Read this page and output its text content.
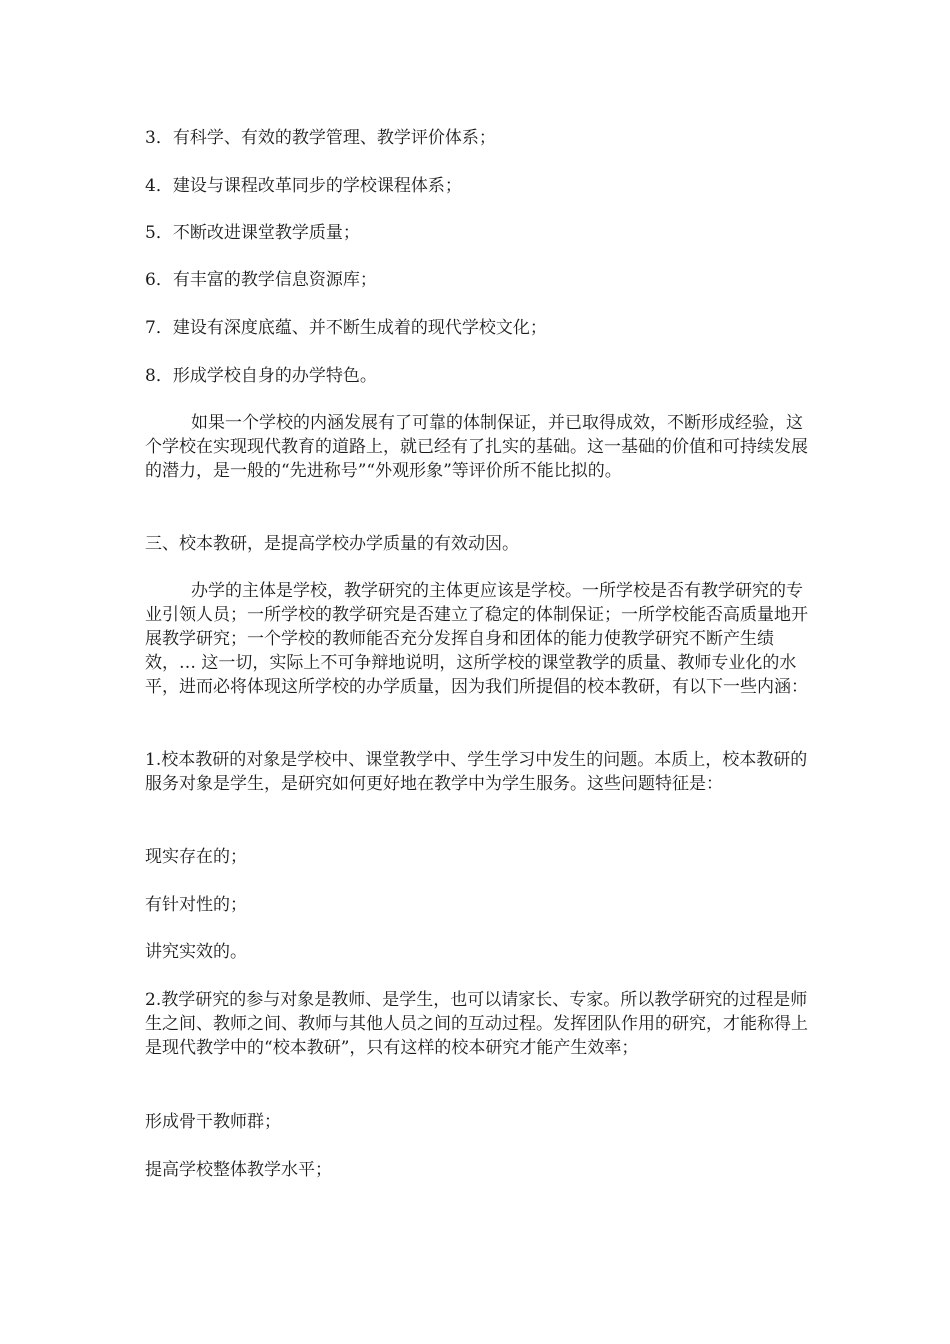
3．有科学、有效的教学管理、教学评价体系；

4．建设与课程改革同步的学校课程体系；

5．不断改进课堂教学质量；

6．有丰富的教学信息资源库；

7．建设有深度底蕴、并不断生成着的现代学校文化；

8．形成学校自身的办学特色。

如果一个学校的内涵发展有了可靠的体制保证，并已取得成效，不断形成经验，这个学校在实现现代教育的道路上，就已经有了扎实的基础。这一基础的价值和可持续发展的潜力，是一般的“先进称号”“外观形象”等评价所不能比拟的。

三、校本教研，是提高学校办学质量的有效动因。

办学的主体是学校，教学研究的主体更应该是学校。一所学校是否有教学研究的专业引领人员；一所学校的教学研究是否建立了稳定的体制保证；一所学校能否高质量地开展教学研究；一个学校的教师能否充分发挥自身和团体的能力使教学研究不断产生绩效，… 这一切，实际上不可争辩地说明，这所学校的课堂教学的质量、教师专业化的水平，进而必将体现这所学校的办学质量，因为我们所提倡的校本教研，有以下一些内涵：

1.校本教研的对象是学校中、课堂教学中、学生学习中发生的问题。本质上，校本教研的服务对象是学生，是研究如何更好地在教学中为学生服务。这些问题特征是：

现实存在的；

有针对性的；

讲究实效的。

2.教学研究的参与对象是教师、是学生，也可以请家长、专家。所以教学研究的过程是师生之间、教师之间、教师与其他人员之间的互动过程。发挥团队作用的研究，才能称得上是现代教学中的“校本教研”，只有这样的校本研究才能产生效率；

形成骨干教师群；

提高学校整体教学水平；
